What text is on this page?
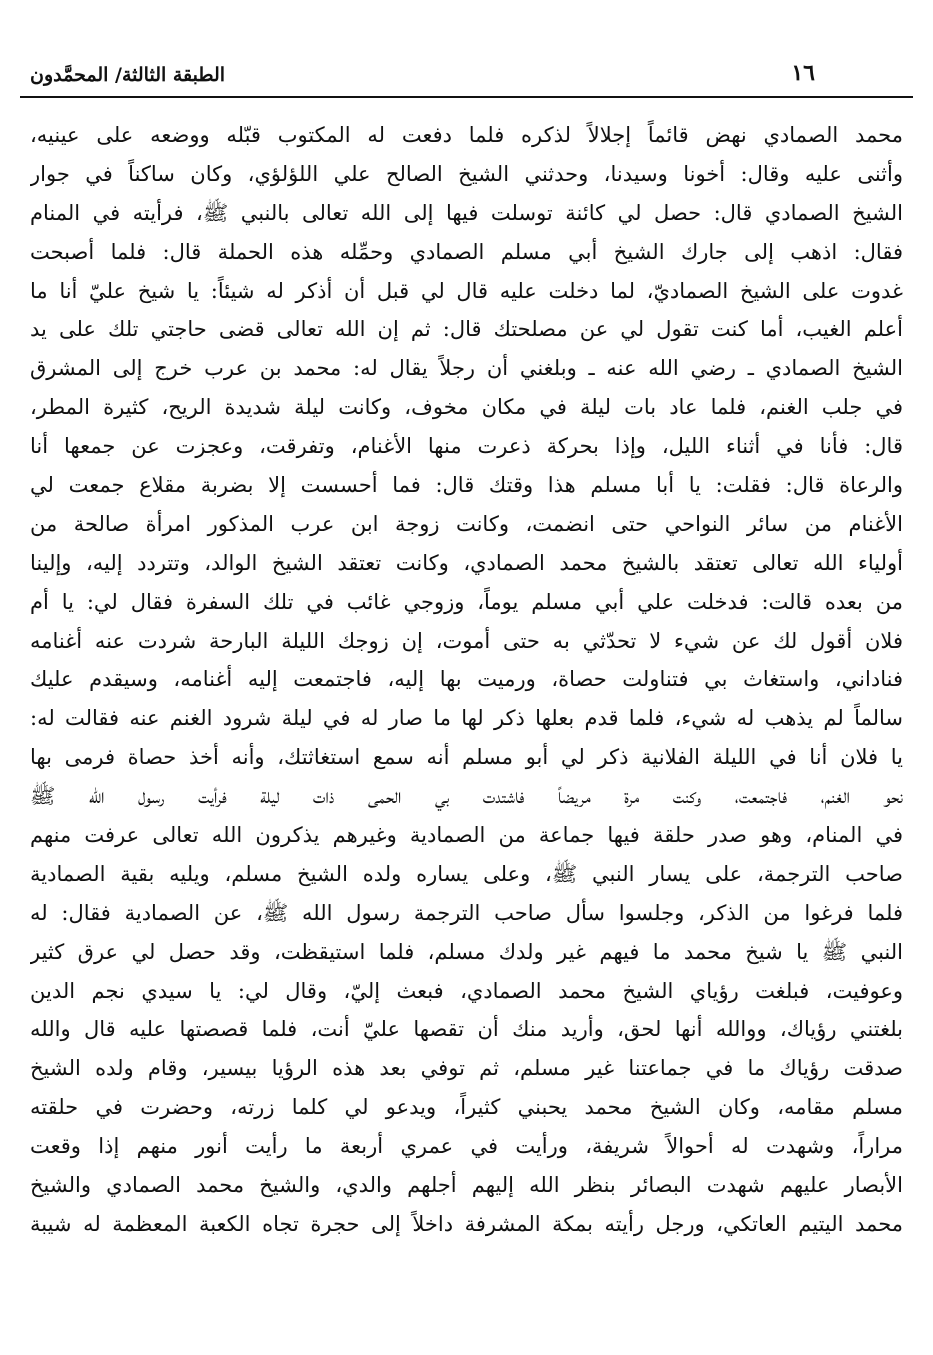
١٦
الطبقة الثالثة/ المحمَّدون
محمد الصمادي نهض قائماً إجلالاً لذكره فلما دفعت له المكتوب قبّله ووضعه على عينيه،
وأثنى عليه وقال: أخونا وسيدنا، وحدثني الشيخ الصالح علي اللؤلؤي، وكان ساكناً في جوار
الشيخ الصمادي قال: حصل لي كائنة توسلت فيها إلى الله تعالى بالنبي ﷺ، فرأيته في المنام
فقال: اذهب إلى جارك الشيخ أبي مسلم الصمادي وحمِّله هذه الحملة قال: فلما أصبحت
غدوت على الشيخ الصماديّ، لما دخلت عليه قال لي قبل أن أذكر له شيئاً: يا شيخ عليّ أنا ما
أعلم الغيب، أما كنت تقول لي عن مصلحتك قال: ثم إن الله تعالى قضى حاجتي تلك على يد
الشيخ الصمادي ـ رضي الله عنه ـ وبلغني أن رجلاً يقال له: محمد بن عرب خرج إلى المشرق
في جلب الغنم، فلما عاد بات ليلة في مكان مخوف، وكانت ليلة شديدة الريح، كثيرة المطر،
قال: فأنا في أثناء الليل، وإذا بحركة ذعرت منها الأغنام، وتفرقت، وعجزت عن جمعها أنا
والرعاة قال: فقلت: يا أبا مسلم هذا وقتك قال: فما أحسست إلا بضربة مقلاع جمعت لي
الأغنام من سائر النواحي حتى انضمت، وكانت زوجة ابن عرب المذكور امرأة صالحة من
أولياء الله تعالى تعتقد بالشيخ محمد الصمادي، وكانت تعتقد الشيخ الوالد، وتتردد إليه، وإلينا
من بعده قالت: فدخلت علي أبي مسلم يوماً، وزوجي غائب في تلك السفرة فقال لي: يا أم
فلان أقول لك عن شيء لا تحدّثي به حتى أموت، إن زوجك الليلة البارحة شردت عنه أغنامه
فناداني، واستغاث بي فتناولت حصاة، ورميت بها إليه، فاجتمعت إليه أغنامه، وسيقدم عليك
سالماً لم يذهب له شيء، فلما قدم بعلها ذكر لها ما صار له في ليلة شرود الغنم عنه فقالت له:
يا فلان أنا في الليلة الفلانية ذكر لي أبو مسلم أنه سمع استغاثتك، وأنه أخذ حصاة فرمى بها
نحو الغنم، فاجتمعت، وكنت مرة مريضاً فاشتدت بي الحمى ذات ليلة فرأيت رسول الله ﷺ
في المنام، وهو صدر حلقة فيها جماعة من الصمادية وغيرهم يذكرون الله تعالى عرفت منهم
صاحب الترجمة، على يسار النبي ﷺ، وعلى يساره ولده الشيخ مسلم، ويليه بقية الصمادية
فلما فرغوا من الذكر، وجلسوا سأل صاحب الترجمة رسول الله ﷺ، عن الصمادية فقال: له
النبي ﷺ يا شيخ محمد ما فيهم غير ولدك مسلم، فلما استيقظت، وقد حصل لي عرق كثير
وعوفيت، فبلغت رؤياي الشيخ محمد الصمادي، فبعث إليّ، وقال لي: يا سيدي نجم الدين
بلغتني رؤياك، ووالله أنها لحق، وأريد منك أن تقصها عليّ أنت، فلما قصصتها عليه قال والله
صدقت رؤياك ما في جماعتنا غير مسلم، ثم توفي بعد هذه الرؤيا بيسير، وقام ولده الشيخ
مسلم مقامه، وكان الشيخ محمد يحبني كثيراً، ويدعو لي كلما زرته، وحضرت في حلقته
مراراً، وشهدت له أحوالاً شريفة، ورأيت في عمري أربعة ما رأيت أنور منهم إذا وقعت
الأبصار عليهم شهدت البصائر بنظر الله إليهم أجلهم والدي، والشيخ محمد الصمادي والشيخ
محمد اليتيم العاتكي، ورجل رأيته بمكة المشرفة داخلاً إلى حجرة تجاه الكعبة المعظمة له شيبة
